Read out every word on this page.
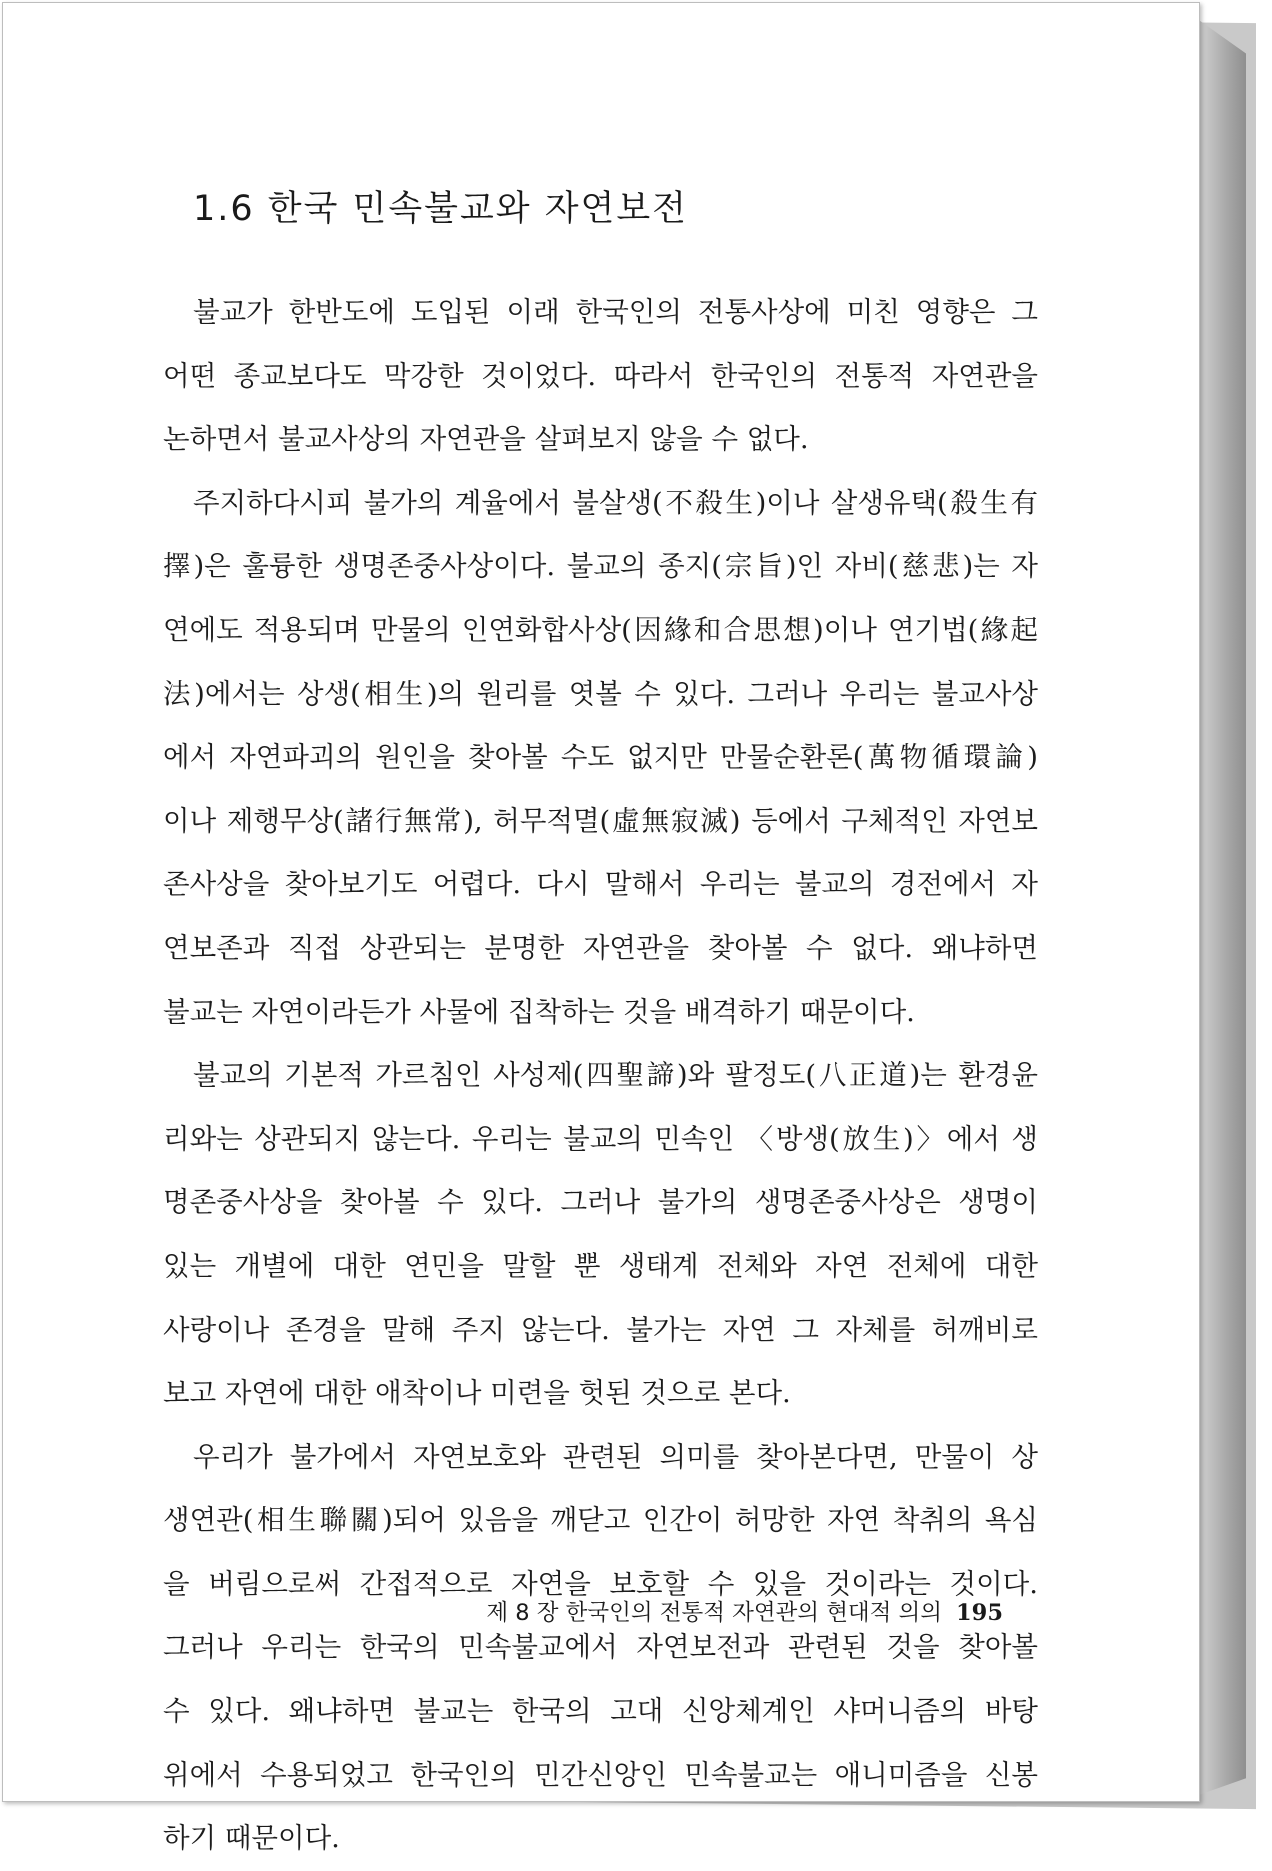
1.6 한국 민속불교와 자연보전
불교가 한반도에 도입된 이래 한국인의 전통사상에 미친 영향은 그
어떤 종교보다도 막강한 것이었다. 따라서 한국인의 전통적 자연관을
논하면서 불교사상의 자연관을 살펴보지 않을 수 없다.
주지하다시피 불가의 계율에서 불살생(不殺生)이나 살생유택(殺生有
擇)은 훌륭한 생명존중사상이다. 불교의 종지(宗旨)인 자비(慈悲)는 자
연에도 적용되며 만물의 인연화합사상(因緣和合思想)이나 연기법(緣起
法)에서는 상생(相生)의 원리를 엿볼 수 있다. 그러나 우리는 불교사상
에서 자연파괴의 원인을 찾아볼 수도 없지만 만물순환론(萬物循環論)
이나 제행무상(諸行無常), 허무적멸(虛無寂滅) 등에서 구체적인 자연보
존사상을 찾아보기도 어렵다. 다시 말해서 우리는 불교의 경전에서 자
연보존과 직접 상관되는 분명한 자연관을 찾아볼 수 없다. 왜냐하면
불교는 자연이라든가 사물에 집착하는 것을 배격하기 때문이다.
불교의 기본적 가르침인 사성제(四聖諦)와 팔정도(八正道)는 환경윤
리와는 상관되지 않는다. 우리는 불교의 민속인 〈방생(放生)〉에서 생
명존중사상을 찾아볼 수 있다. 그러나 불가의 생명존중사상은 생명이
있는 개별에 대한 연민을 말할 뿐 생태계 전체와 자연 전체에 대한
사랑이나 존경을 말해 주지 않는다. 불가는 자연 그 자체를 허깨비로
보고 자연에 대한 애착이나 미련을 헛된 것으로 본다.
우리가 불가에서 자연보호와 관련된 의미를 찾아본다면, 만물이 상
생연관(相生聯關)되어 있음을 깨닫고 인간이 허망한 자연 착취의 욕심
을 버림으로써 간접적으로 자연을 보호할 수 있을 것이라는 것이다.
그러나 우리는 한국의 민속불교에서 자연보전과 관련된 것을 찾아볼
수 있다. 왜냐하면 불교는 한국의 고대 신앙체계인 샤머니즘의 바탕
위에서 수용되었고 한국인의 민간신앙인 민속불교는 애니미즘을 신봉
하기 때문이다.
제 8 장 한국인의 전통적 자연관의 현대적 의의 195
